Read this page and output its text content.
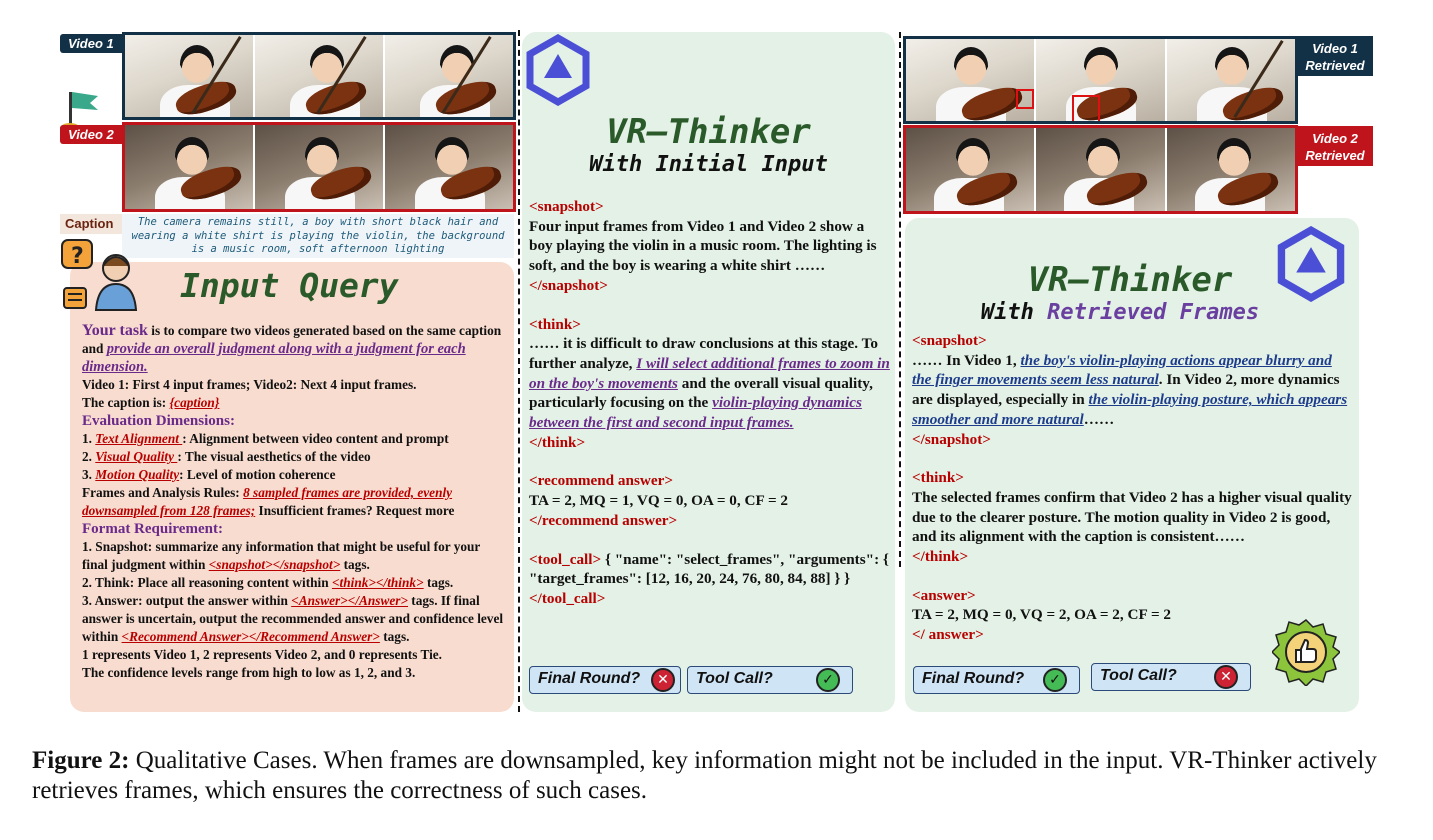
Video 1
Video 2
Caption	The camera remains still, a boy with short black hair and wearing a white shirt is playing the violin, the background is a music room, soft afternoon lighting
?
Input Query
Your task is to compare two videos generated based on the same caption and provide an overall judgment along with a judgment for each dimension.
Video 1: First 4 input frames; Video2: Next 4 input frames.
The caption is: {caption}
Evaluation Dimensions:
1. Text Alignment : Alignment between video content and prompt
2. Visual Quality : The visual aesthetics of the video
3. Motion Quality: Level of motion coherence
Frames and Analysis Rules: 8 sampled frames are provided, evenly downsampled from 128 frames; Insufficient frames? Request more
Format Requirement:
1. Snapshot: summarize any information that might be useful for your final judgment within <snapshot></snapshot> tags.
2. Think: Place all reasoning content within <think></think> tags.
3. Answer: output the answer within <Answer></Answer> tags. If final answer is uncertain, output the recommended answer and confidence level within <Recommend Answer></Recommend Answer> tags.
1 represents Video 1, 2 represents Video 2, and 0 represents Tie.
The confidence levels range from high to low as 1, 2, and 3.
VR–Thinker
With Initial Input
<snapshot>
Four input frames from Video 1 and Video 2 show a boy playing the violin in a music room. The lighting is soft, and the boy is wearing a white shirt ……
</snapshot>
<think>
…… it is difficult to draw conclusions at this stage. To further analyze, I will select additional frames to zoom in on the boy's movements and the overall visual quality, particularly focusing on the violin-playing dynamics between the first and second input frames.
</think>
<recommend answer>
TA = 2, MQ = 1, VQ = 0, OA = 0, CF = 2
</recommend answer>
<tool_call> { "name": "select_frames", "arguments": { "target_frames": [12, 16, 20, 24, 76, 80, 84, 88] } } </tool_call>
Final Round?	✕	Tool Call?	✓
Video 1 Retrieved
Video 2 Retrieved
VR–Thinker
With Retrieved Frames
<snapshot>
…… In Video 1, the boy's violin-playing actions appear blurry and the finger movements seem less natural. In Video 2, more dynamics are displayed, especially in the violin-playing posture, which appears smoother and more natural……
</snapshot>
<think>
The selected frames confirm that Video 2 has a higher visual quality due to the clearer posture. The motion quality in Video 2 is good, and its alignment with the caption is consistent……
</think>
<answer>
TA = 2, MQ = 0, VQ = 2, OA = 2, CF = 2
</ answer>
Final Round?	✓	Tool Call?	✕
Figure 2: Qualitative Cases. When frames are downsampled, key information might not be included in the input. VR-Thinker actively retrieves frames, which ensures the correctness of such cases.
